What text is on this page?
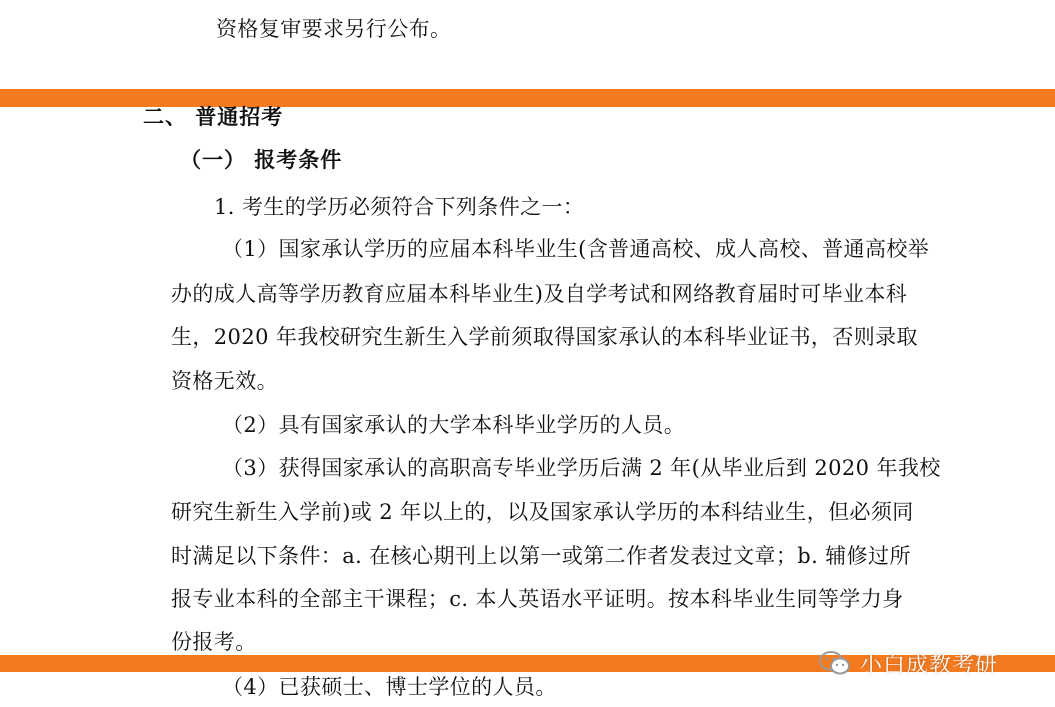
资格复审要求另行公布。
二、 普通招考
（一） 报考条件
1. 考生的学历必须符合下列条件之一：
（1）国家承认学历的应届本科毕业生(含普通高校、成人高校、普通高校举
办的成人高等学历教育应届本科毕业生)及自学考试和网络教育届时可毕业本科
生，2020 年我校研究生新生入学前须取得国家承认的本科毕业证书，否则录取
资格无效。
（2）具有国家承认的大学本科毕业学历的人员。
（3）获得国家承认的高职高专毕业学历后满 2 年(从毕业后到 2020 年我校
研究生新生入学前)或 2 年以上的，以及国家承认学历的本科结业生，但必须同
时满足以下条件：a. 在核心期刊上以第一或第二作者发表过文章；b. 辅修过所
报专业本科的全部主干课程；c. 本人英语水平证明。按本科毕业生同等学力身
份报考。
（4）已获硕士、博士学位的人员。
小白成教考研
